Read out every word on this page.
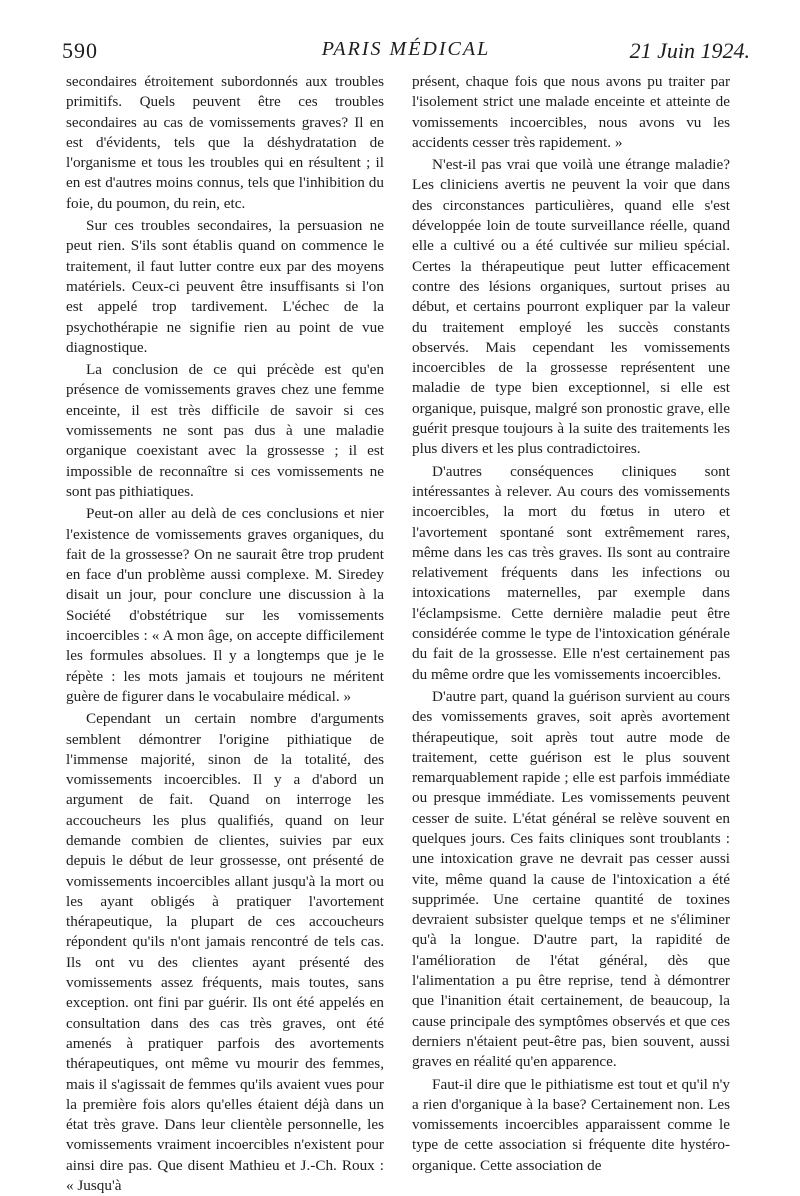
590	PARIS MÉDICAL	21 Juin 1924.

secondaires étroitement subordonnés aux troubles primitifs. Quels peuvent être ces troubles secondaires au cas de vomissements graves? Il en est d'évidents, tels que la déshydratation de l'organisme et tous les troubles qui en résultent ; il en est d'autres moins connus, tels que l'inhibition du foie, du poumon, du rein, etc.

Sur ces troubles secondaires, la persuasion ne peut rien. S'ils sont établis quand on commence le traitement, il faut lutter contre eux par des moyens matériels. Ceux-ci peuvent être insuffisants si l'on est appelé trop tardivement. L'échec de la psychothérapie ne signifie rien au point de vue diagnostique.

La conclusion de ce qui précède est qu'en présence de vomissements graves chez une femme enceinte, il est très difficile de savoir si ces vomissements ne sont pas dus à une maladie organique coexistant avec la grossesse ; il est impossible de reconnaître si ces vomissements ne sont pas pithiatiques.

Peut-on aller au delà de ces conclusions et nier l'existence de vomissements graves organiques, du fait de la grossesse? On ne saurait être trop prudent en face d'un problème aussi complexe. M. Siredey disait un jour, pour conclure une discussion à la Société d'obstétrique sur les vomissements incoercibles : « A mon âge, on accepte difficilement les formules absolues. Il y a longtemps que je le répète : les mots jamais et toujours ne méritent guère de figurer dans le vocabulaire médical. »

Cependant un certain nombre d'arguments semblent démontrer l'origine pithiatique de l'immense majorité, sinon de la totalité, des vomissements incoercibles. Il y a d'abord un argument de fait. Quand on interroge les accoucheurs les plus qualifiés, quand on leur demande combien de clientes, suivies par eux depuis le début de leur grossesse, ont présenté de vomissements incoercibles allant jusqu'à la mort ou les ayant obligés à pratiquer l'avortement thérapeutique, la plupart de ces accoucheurs répondent qu'ils n'ont jamais rencontré de tels cas. Ils ont vu des clientes ayant présenté des vomissements assez fréquents, mais toutes, sans exception. ont fini par guérir. Ils ont été appelés en consultation dans des cas très graves, ont été amenés à pratiquer parfois des avortements thérapeutiques, ont même vu mourir des femmes, mais il s'agissait de femmes qu'ils avaient vues pour la première fois alors qu'elles étaient déjà dans un état très grave. Dans leur clientèle personnelle, les vomissements vraiment incoercibles n'existent pour ainsi dire pas. Que disent Mathieu et J.-Ch. Roux : « Jusqu'à

présent, chaque fois que nous avons pu traiter par l'isolement strict une malade enceinte et atteinte de vomissements incoercibles, nous avons vu les accidents cesser très rapidement. »

N'est-il pas vrai que voilà une étrange maladie? Les cliniciens avertis ne peuvent la voir que dans des circonstances particulières, quand elle s'est développée loin de toute surveillance réelle, quand elle a cultivé ou a été cultivée sur milieu spécial. Certes la thérapeutique peut lutter efficacement contre des lésions organiques, surtout prises au début, et certains pourront expliquer par la valeur du traitement employé les succès constants observés. Mais cependant les vomissements incoercibles de la grossesse représentent une maladie de type bien exceptionnel, si elle est organique, puisque, malgré son pronostic grave, elle guérit presque toujours à la suite des traitements les plus divers et les plus contradictoires.

D'autres conséquences cliniques sont intéressantes à relever. Au cours des vomissements incoercibles, la mort du fœtus in utero et l'avortement spontané sont extrêmement rares, même dans les cas très graves. Ils sont au contraire relativement fréquents dans les infections ou intoxications maternelles, par exemple dans l'éclampsisme. Cette dernière maladie peut être considérée comme le type de l'intoxication générale du fait de la grossesse. Elle n'est certainement pas du même ordre que les vomissements incoercibles.

D'autre part, quand la guérison survient au cours des vomissements graves, soit après avortement thérapeutique, soit après tout autre mode de traitement, cette guérison est le plus souvent remarquablement rapide ; elle est parfois immédiate ou presque immédiate. Les vomissements peuvent cesser de suite. L'état général se relève souvent en quelques jours. Ces faits cliniques sont troublants : une intoxication grave ne devrait pas cesser aussi vite, même quand la cause de l'intoxication a été supprimée. Une certaine quantité de toxines devraient subsister quelque temps et ne s'éliminer qu'à la longue. D'autre part, la rapidité de l'amélioration de l'état général, dès que l'alimentation a pu être reprise, tend à démontrer que l'inanition était certainement, de beaucoup, la cause principale des symptômes observés et que ces derniers n'étaient peut-être pas, bien souvent, aussi graves en réalité qu'en apparence.

Faut-il dire que le pithiatisme est tout et qu'il n'y a rien d'organique à la base? Certainement non. Les vomissements incoercibles apparaissent comme le type de cette association si fréquente dite hystéro-organique. Cette association de
